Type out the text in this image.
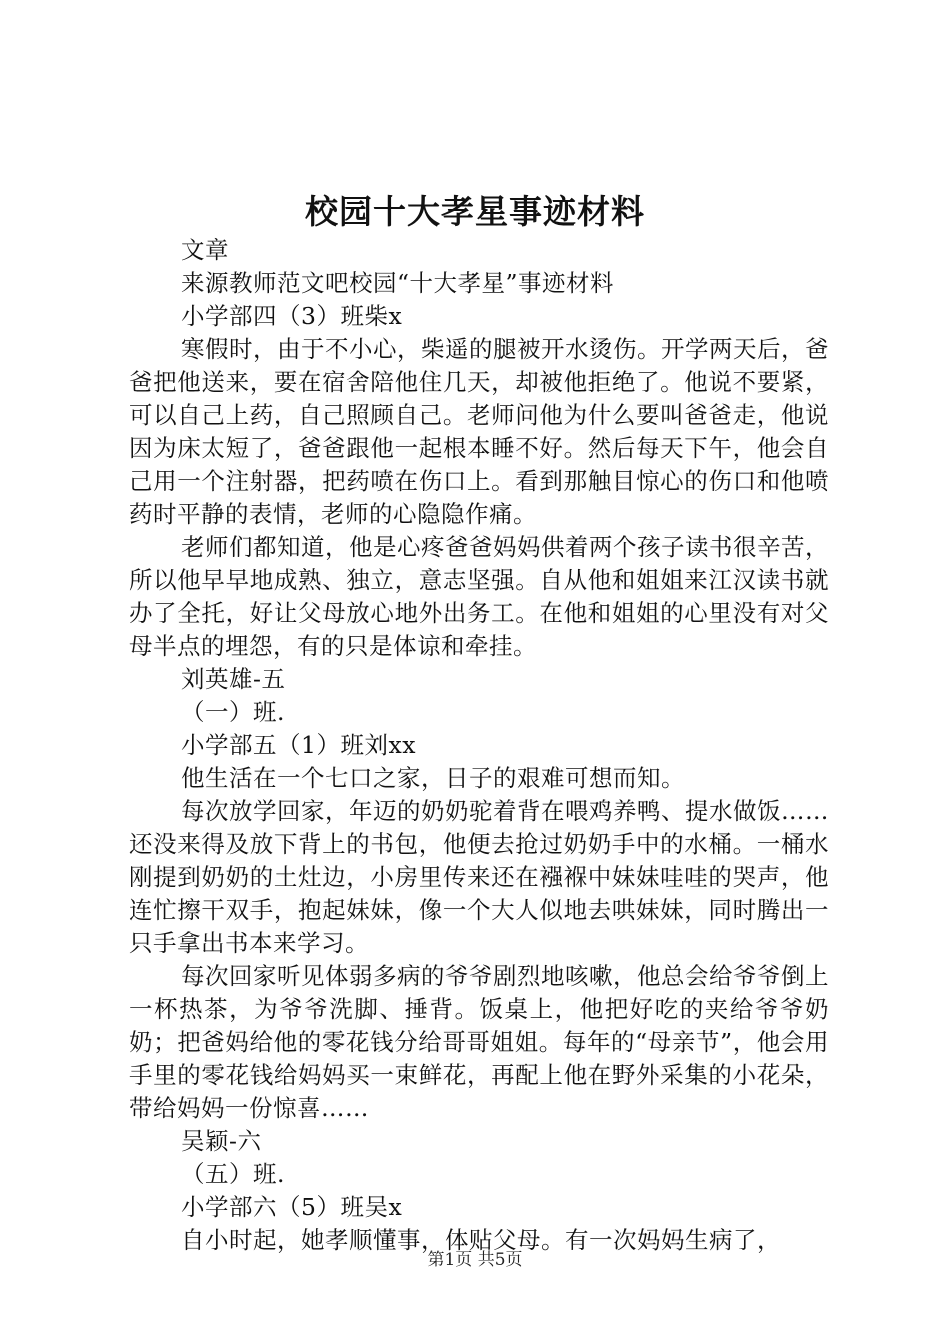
校园十大孝星事迹材料
文章
来源教师范文吧校园“十大孝星”事迹材料
小学部四（3）班柴x
寒假时，由于不小心，柴遥的腿被开水烫伤。开学两天后，爸爸把他送来，要在宿舍陪他住几天，却被他拒绝了。他说不要紧，可以自己上药，自己照顾自己。老师问他为什么要叫爸爸走，他说因为床太短了，爸爸跟他一起根本睡不好。然后每天下午，他会自己用一个注射器，把药喷在伤口上。看到那触目惊心的伤口和他喷药时平静的表情，老师的心隐隐作痛。
老师们都知道，他是心疼爸爸妈妈供着两个孩子读书很辛苦，所以他早早地成熟、独立，意志坚强。自从他和姐姐来江汉读书就办了全托，好让父母放心地外出务工。在他和姐姐的心里没有对父母半点的埋怨，有的只是体谅和牵挂。
刘英雄-五
（一）班.
小学部五（1）班刘xx
他生活在一个七口之家，日子的艰难可想而知。
每次放学回家，年迈的奶奶驼着背在喂鸡养鸭、提水做饭……还没来得及放下背上的书包，他便去抢过奶奶手中的水桶。一桶水刚提到奶奶的土灶边，小房里传来还在襁褓中妹妹哇哇的哭声，他连忙擦干双手，抱起妹妹，像一个大人似地去哄妹妹，同时腾出一只手拿出书本来学习。
每次回家听见体弱多病的爷爷剧烈地咳嗽，他总会给爷爷倒上一杯热茶，为爷爷洗脚、捶背。饭桌上，他把好吃的夹给爷爷奶奶；把爸妈给他的零花钱分给哥哥姐姐。每年的“母亲节”，他会用手里的零花钱给妈妈买一束鲜花，再配上他在野外采集的小花朵，带给妈妈一份惊喜……
吴颖-六
（五）班.
小学部六（5）班吴x
自小时起，她孝顺懂事，体贴父母。有一次妈妈生病了，
第1页 共5页
